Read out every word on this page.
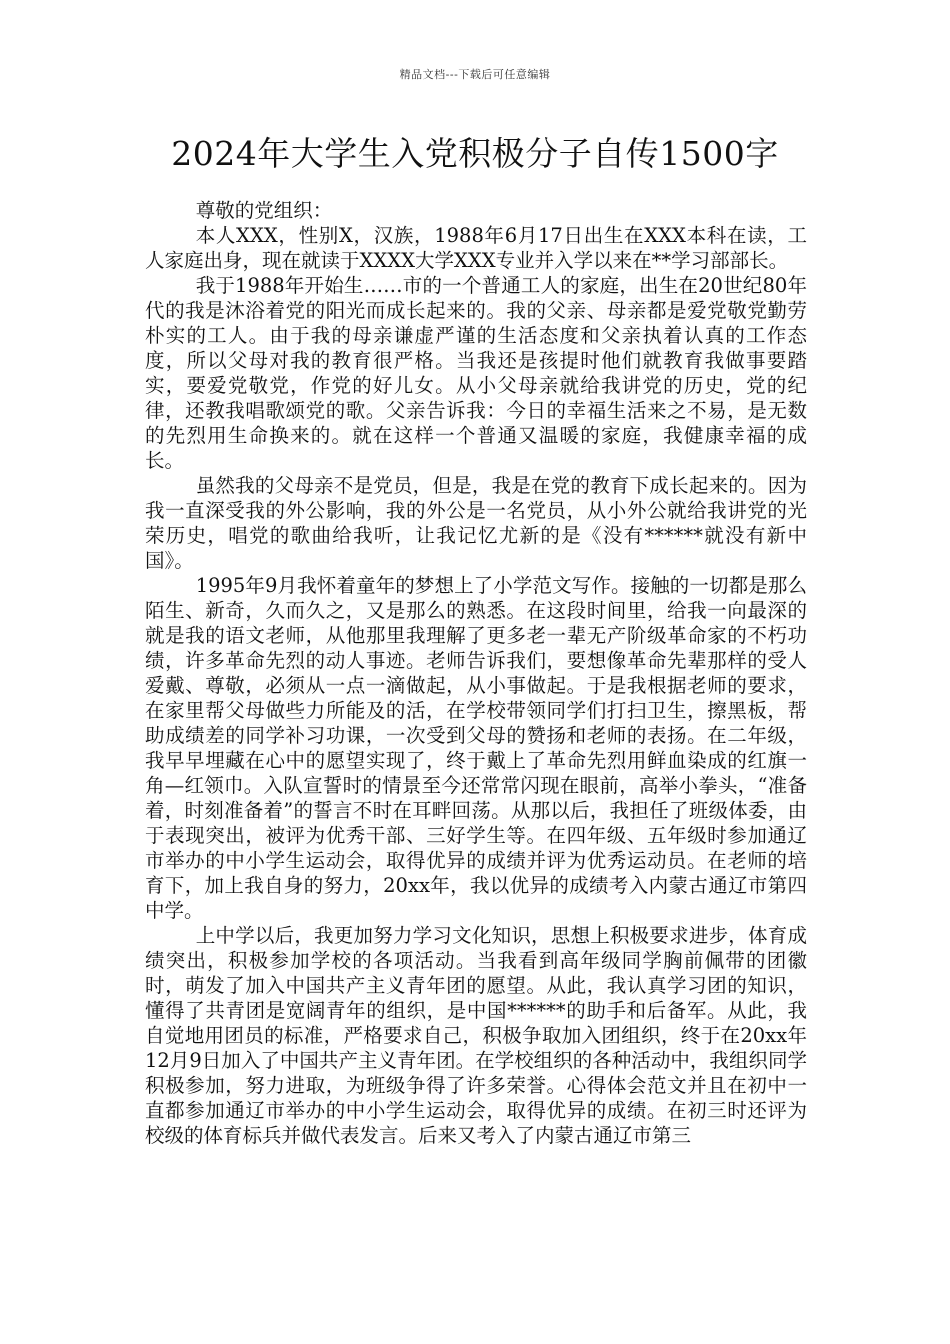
精品文档---下载后可任意编辑
2024年大学生入党积极分子自传1500字

尊敬的党组织：

本人XXX，性别X，汉族，1988年6月17日出生在XXX本科在读，工人家庭出身，现在就读于XXXX大学XXX专业并入学以来在**学习部部长。

我于1988年开始生……市的一个普通工人的家庭，出生在20世纪80年代的我是沐浴着党的阳光而成长起来的。我的父亲、母亲都是爱党敬党勤劳朴实的工人。由于我的母亲谦虚严谨的生活态度和父亲执着认真的工作态度，所以父母对我的教育很严格。当我还是孩提时他们就教育我做事要踏实，要爱党敬党，作党的好儿女。从小父母亲就给我讲党的历史，党的纪律，还教我唱歌颂党的歌。父亲告诉我：今日的幸福生活来之不易，是无数的先烈用生命换来的。就在这样一个普通又温暖的家庭，我健康幸福的成长。

虽然我的父母亲不是党员，但是，我是在党的教育下成长起来的。因为我一直深受我的外公影响，我的外公是一名党员，从小外公就给我讲党的光荣历史，唱党的歌曲给我听，让我记忆尤新的是《没有******就没有新中国》。

1995年9月我怀着童年的梦想上了小学范文写作。接触的一切都是那么陌生、新奇，久而久之，又是那么的熟悉。在这段时间里，给我一向最深的就是我的语文老师，从他那里我理解了更多老一辈无产阶级革命家的不朽功绩，许多革命先烈的动人事迹。老师告诉我们，要想像革命先辈那样的受人爱戴、尊敬，必须从一点一滴做起，从小事做起。于是我根据老师的要求，在家里帮父母做些力所能及的活，在学校带领同学们打扫卫生，擦黑板，帮助成绩差的同学补习功课，一次受到父母的赞扬和老师的表扬。在二年级，我早早埋藏在心中的愿望实现了，终于戴上了革命先烈用鲜血染成的红旗一角—红领巾。入队宣誓时的情景至今还常常闪现在眼前，高举小拳头，“准备着，时刻准备着”的誓言不时在耳畔回荡。从那以后，我担任了班级体委，由于表现突出，被评为优秀干部、三好学生等。在四年级、五年级时参加通辽市举办的中小学生运动会，取得优异的成绩并评为优秀运动员。在老师的培育下，加上我自身的努力，20xx年，我以优异的成绩考入内蒙古通辽市第四中学。

上中学以后，我更加努力学习文化知识，思想上积极要求进步，体育成绩突出，积极参加学校的各项活动。当我看到高年级同学胸前佩带的团徽时，萌发了加入中国共产主义青年团的愿望。从此，我认真学习团的知识，懂得了共青团是宽阔青年的组织，是中国******的助手和后备军。从此，我自觉地用团员的标准，严格要求自己，积极争取加入团组织，终于在20xx年12月9日加入了中国共产主义青年团。在学校组织的各种活动中，我组织同学积极参加，努力进取，为班级争得了许多荣誉。心得体会范文并且在初中一直都参加通辽市举办的中小学生运动会，取得优异的成绩。在初三时还评为校级的体育标兵并做代表发言。后来又考入了内蒙古通辽市第三
